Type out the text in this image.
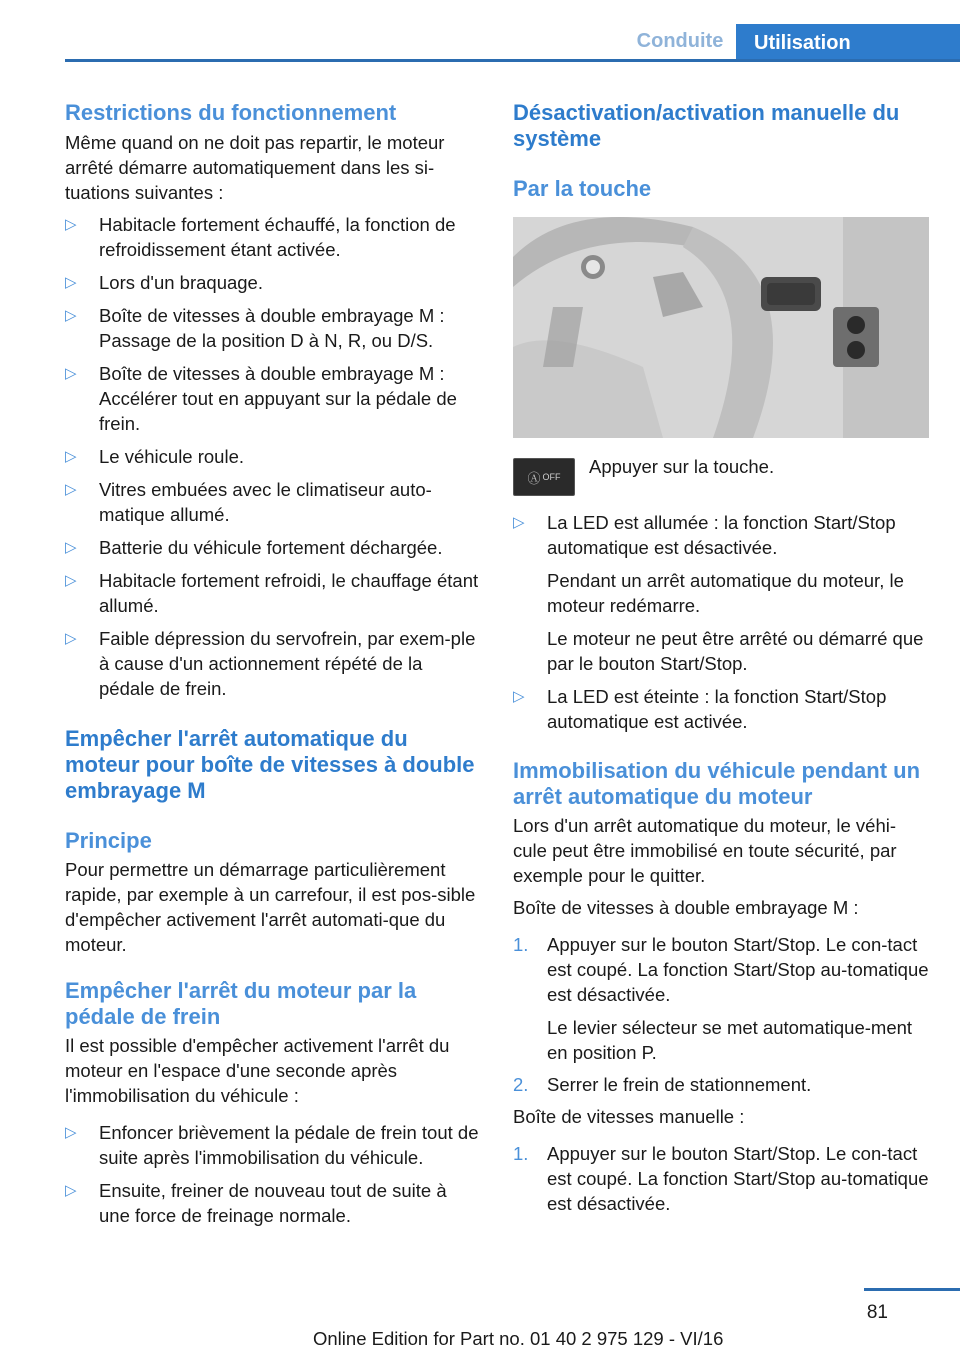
Conduite	Utilisation
Restrictions du fonctionnement

Même quand on ne doit pas repartir, le moteur arrêté démarre automatiquement dans les si-tuations suivantes :

▷ Habitacle fortement échauffé, la fonction de refroidissement étant activée.
▷ Lors d'un braquage.
▷ Boîte de vitesses à double embrayage M : Passage de la position D à N, R, ou D/S.
▷ Boîte de vitesses à double embrayage M : Accélérer tout en appuyant sur la pédale de frein.
▷ Le véhicule roule.
▷ Vitres embuées avec le climatiseur auto-matique allumé.
▷ Batterie du véhicule fortement déchargée.
▷ Habitacle fortement refroidi, le chauffage étant allumé.
▷ Faible dépression du servofrein, par exem-ple à cause d'un actionnement répété de la pédale de frein.
Empêcher l'arrêt automatique du moteur pour boîte de vitesses à double embrayage M
Principe

Pour permettre un démarrage particulièrement rapide, par exemple à un carrefour, il est pos-sible d'empêcher activement l'arrêt automati-que du moteur.

Empêcher l'arrêt du moteur par la pédale de frein

Il est possible d'empêcher activement l'arrêt du moteur en l'espace d'une seconde après l'immobilisation du véhicule :

▷ Enfoncer brièvement la pédale de frein tout de suite après l'immobilisation du véhicule.
▷ Ensuite, freiner de nouveau tout de suite à une force de freinage normale.
Désactivation/activation manuelle du système
Par la touche
Ⓐ OFF Appuyer sur la touche.

▷ La LED est allumée : la fonction Start/Stop automatique est désactivée.
Pendant un arrêt automatique du moteur, le moteur redémarre.
Le moteur ne peut être arrêté ou démarré que par le bouton Start/Stop.
▷ La LED est éteinte : la fonction Start/Stop automatique est activée.
Immobilisation du véhicule pendant un arrêt automatique du moteur

Lors d'un arrêt automatique du moteur, le véhi-cule peut être immobilisé en toute sécurité, par exemple pour le quitter.

Boîte de vitesses à double embrayage M :

1. Appuyer sur le bouton Start/Stop. Le con-tact est coupé. La fonction Start/Stop au-tomatique est désactivée.
Le levier sélecteur se met automatique-ment en position P.
2. Serrer le frein de stationnement.

Boîte de vitesses manuelle :

1. Appuyer sur le bouton Start/Stop. Le con-tact est coupé. La fonction Start/Stop au-tomatique est désactivée.
81
Online Edition for Part no. 01 40 2 975 129 - VI/16
